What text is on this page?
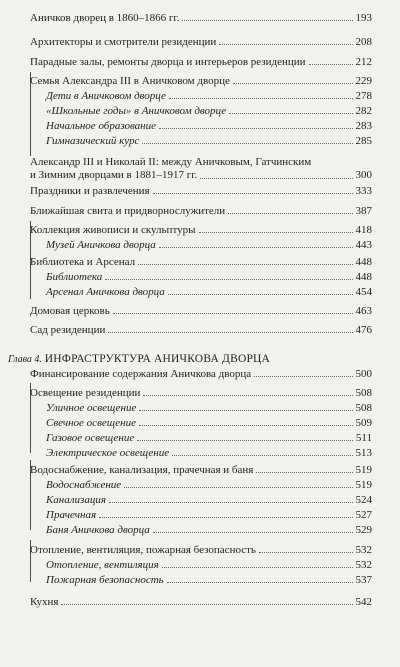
Аничков дворец в 1860–1866 гг.	193
Архитекторы и смотрители резиденции	208
Парадные залы, ремонты дворца и интерьеров резиденции	212
Семья Александра III в Аничковом дворце	229
Дети в Аничковом дворце	278
«Школьные годы» в Аничковом дворце	282
Начальное образование	283
Гимназический курс	285
Александр III и Николай II: между Аничковым, Гатчинским
и Зимним дворцами в 1881–1917 гг.	300
Праздники и развлечения	333
Ближайшая свита и придворнослужители	387
Коллекция живописи и скульптуры	418
Музей Аничкова дворца	443
Библиотека и Арсенал	448
Библиотека	448
Арсенал Аничкова дворца	454
Домовая церковь	463
Сад резиденции	476
Глава 4. ИНФРАСТРУКТУРА АНИЧКОВА ДВОРЦА
Финансирование содержания Аничкова дворца	500
Освещение резиденции	508
Уличное освещение	508
Свечное освещение	509
Газовое освещение	511
Электрическое освещение	513
Водоснабжение, канализация, прачечная и баня	519
Водоснабжение	519
Канализация	524
Прачечная	527
Баня Аничкова дворца	529
Отопление, вентиляция, пожарная безопасность	532
Отопление, вентиляция	532
Пожарная безопасность	537
Кухня	542
